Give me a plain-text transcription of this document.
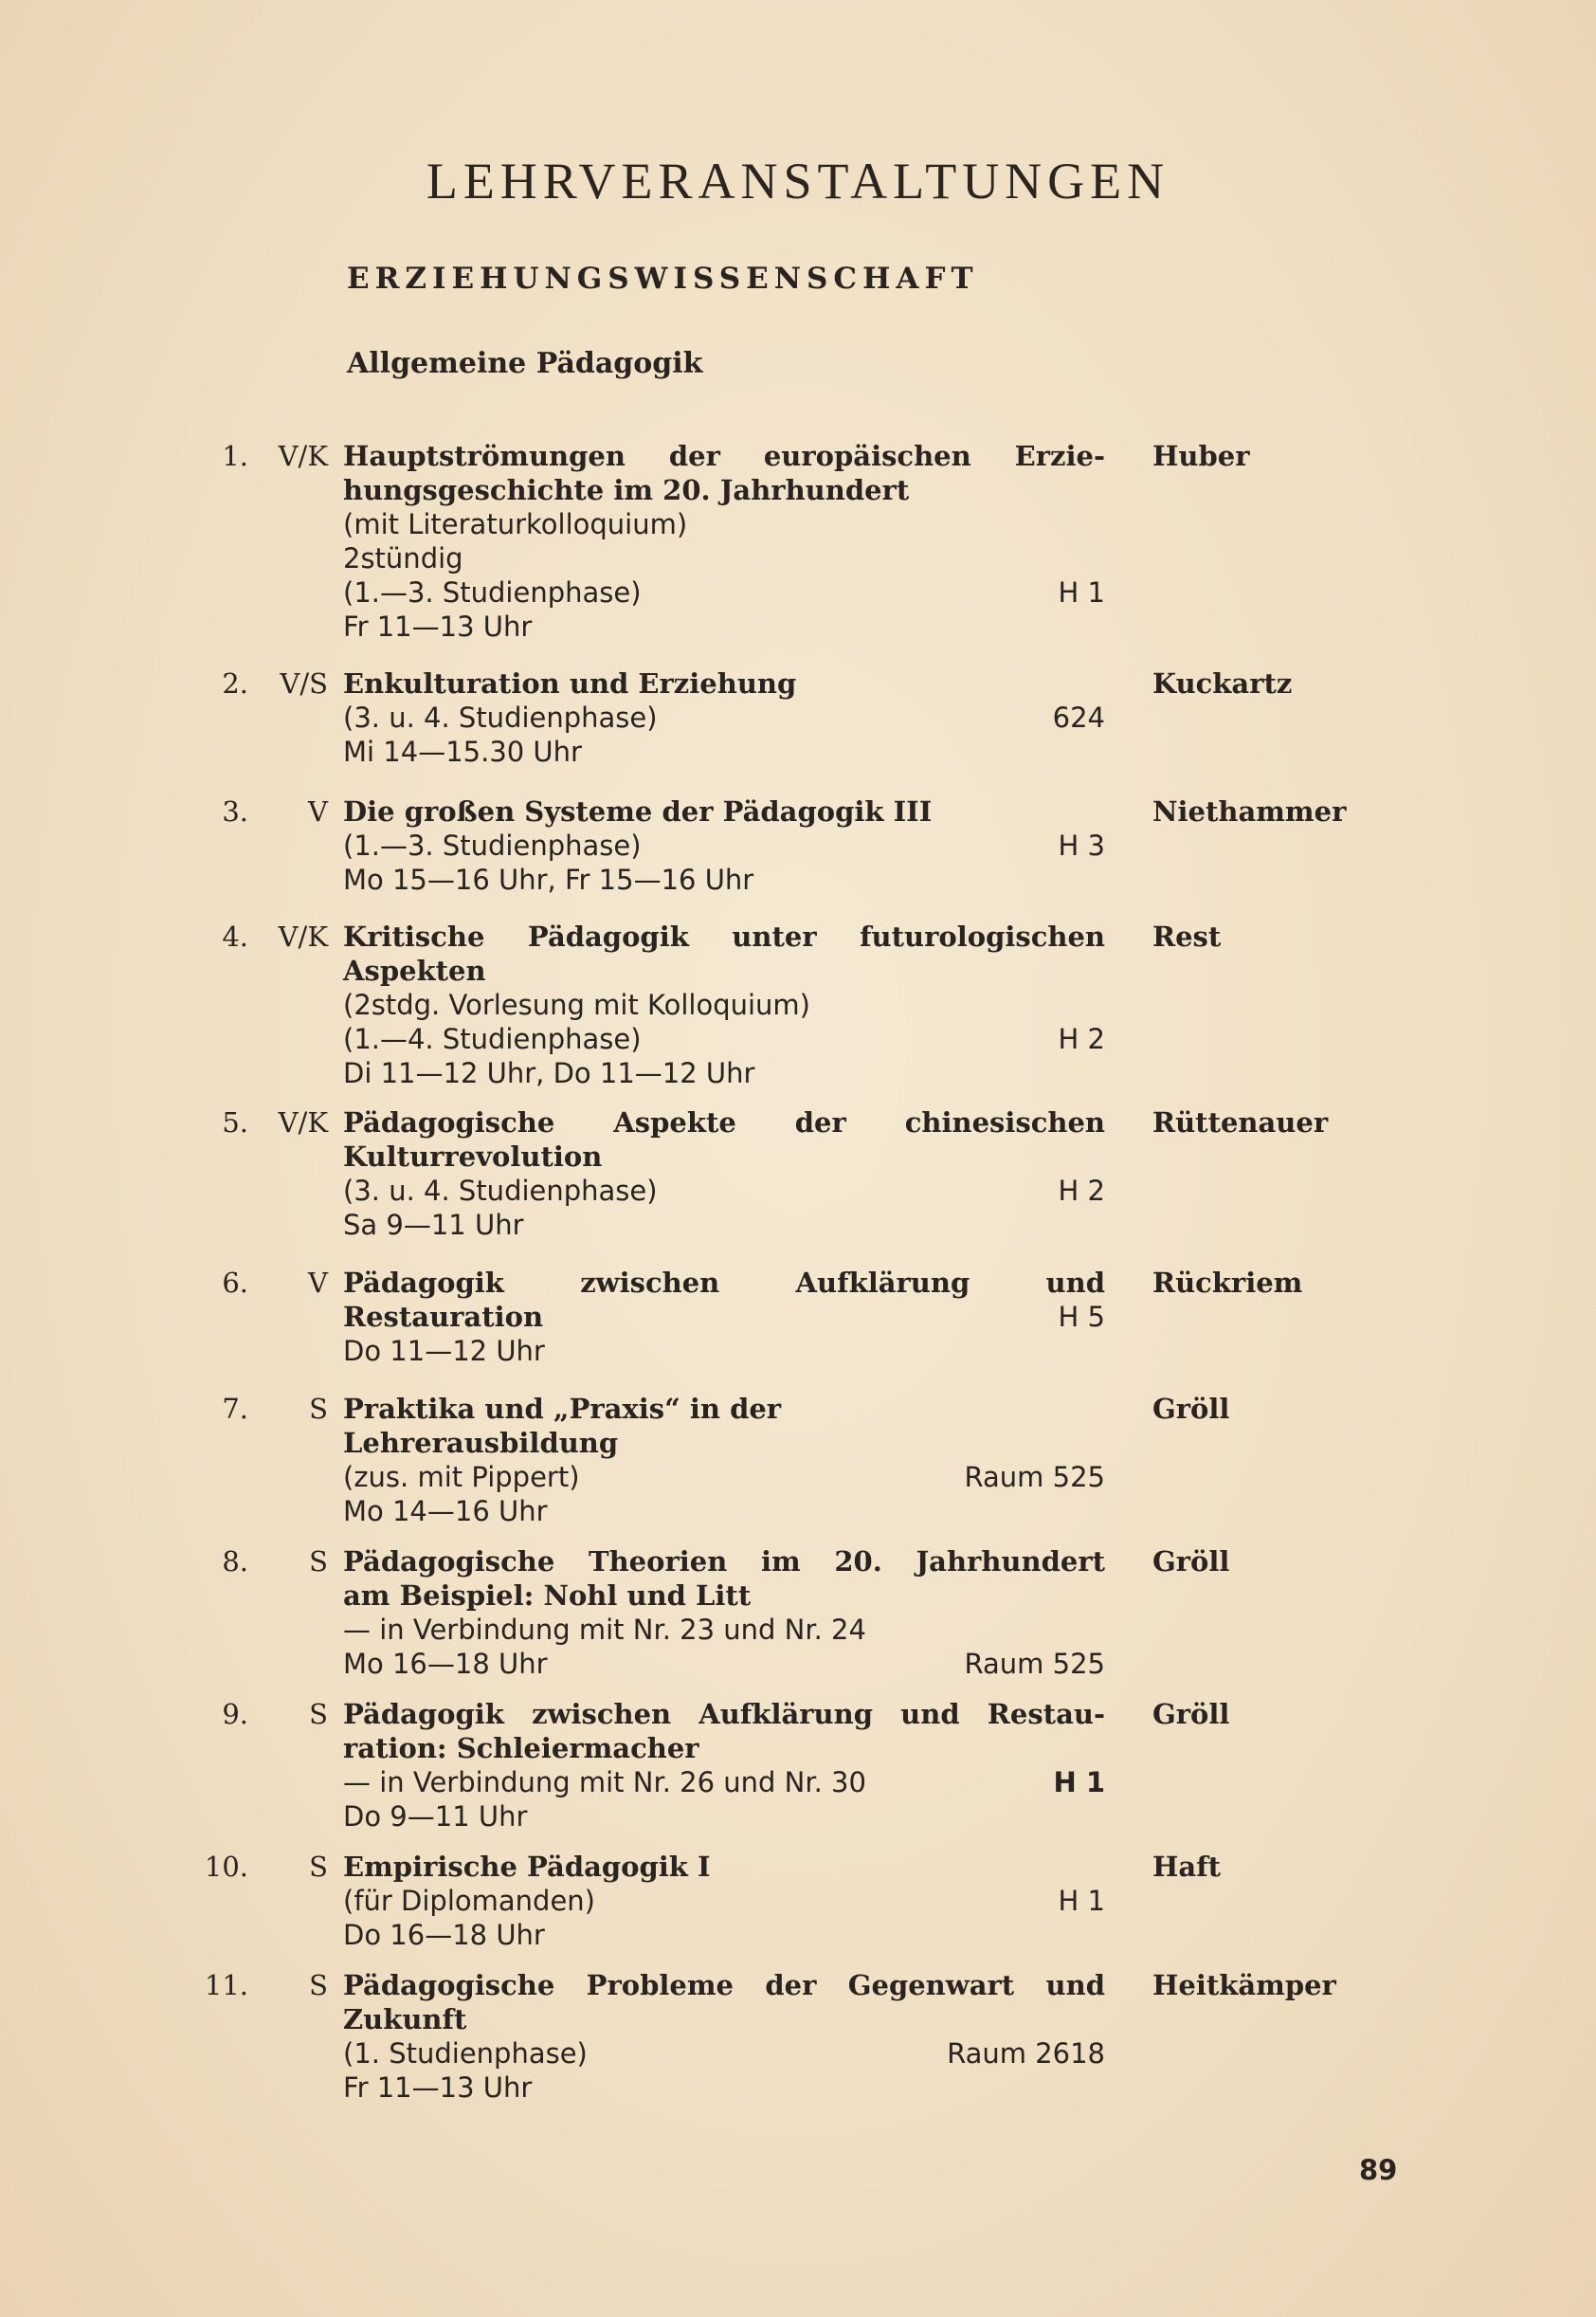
LEHRVERANSTALTUNGEN
ERZIEHUNGSWISSENSCHAFT
Allgemeine Pädagogik
1.	V/K Hauptströmungen der europäischen Erzie-
hungsgeschichte im 20. Jahrhundert
(mit Literaturkolloquium)
2stündig
(1.—3. Studienphase)	H 1
Fr 11—13 Uhr
Huber
2.	V/S Enkulturation und Erziehung
(3. u. 4. Studienphase)	624
Mi 14—15.30 Uhr
Kuckartz
3.	V Die großen Systeme der Pädagogik III
(1.—3. Studienphase)	H 3
Mo 15—16 Uhr, Fr 15—16 Uhr
Niethammer
4.	V/K Kritische Pädagogik unter futurologischen
Aspekten
(2stdg. Vorlesung mit Kolloquium)
(1.—4. Studienphase)	H 2
Di 11—12 Uhr, Do 11—12 Uhr
Rest
5.	V/K Pädagogische Aspekte der chinesischen
Kulturrevolution
(3. u. 4. Studienphase)	H 2
Sa 9—11 Uhr
Rüttenauer
6.	V Pädagogik zwischen Aufklärung und
Restauration	H 5
Do 11—12 Uhr
Rückriem
7.	S Praktika und „Praxis“ in der
Lehrerausbildung
(zus. mit Pippert)	Raum 525
Mo 14—16 Uhr
Gröll
8.	S Pädagogische Theorien im 20. Jahrhundert
am Beispiel: Nohl und Litt
— in Verbindung mit Nr. 23 und Nr. 24
Mo 16—18 Uhr	Raum 525
Gröll
9.	S Pädagogik zwischen Aufklärung und Restau-
ration: Schleiermacher
— in Verbindung mit Nr. 26 und Nr. 30	H 1
Do 9—11 Uhr
Gröll
10.	S Empirische Pädagogik I
(für Diplomanden)	H 1
Do 16—18 Uhr
Haft
11.	S Pädagogische Probleme der Gegenwart und
Zukunft
(1. Studienphase)	Raum 2618
Fr 11—13 Uhr
Heitkämper
89
